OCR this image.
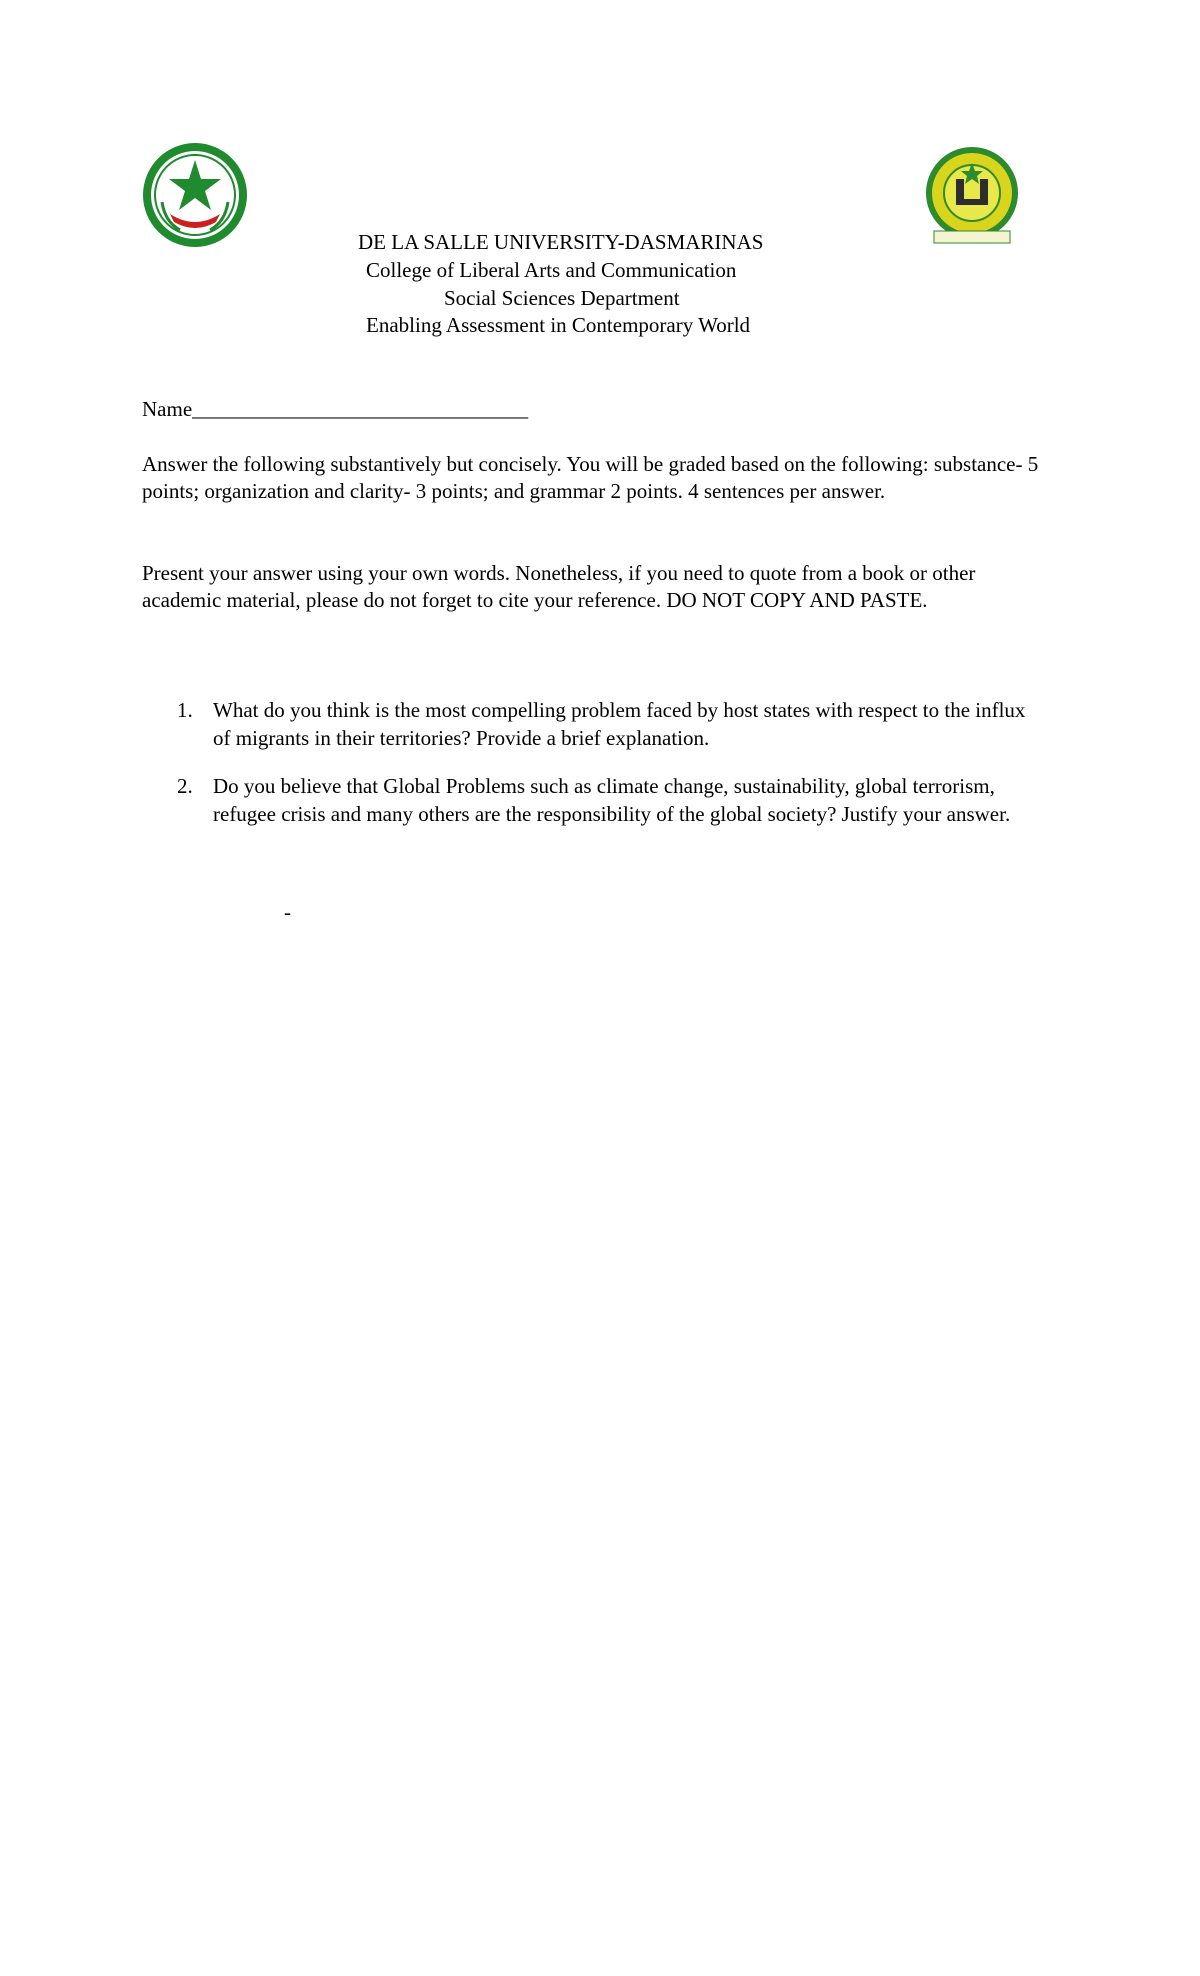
DE LA SALLE UNIVERSITY-DASMARINAS
College of Liberal Arts and Communication
Social Sciences Department
Enabling Assessment in Contemporary World
Name________________________________

Answer the following substantively but concisely. You will be graded based on the following: substance- 5 points; organization and clarity- 3 points; and grammar 2 points. 4 sentences per answer.

Present your answer using your own words. Nonetheless, if you need to quote from a book or other academic material, please do not forget to cite your reference. DO NOT COPY AND PASTE.

1. What do you think is the most compelling problem faced by host states with respect to the influx of migrants in their territories? Provide a brief explanation.
2. Do you believe that Global Problems such as climate change, sustainability, global terrorism, refugee crisis and many others are the responsibility of the global society? Justify your answer.
-
